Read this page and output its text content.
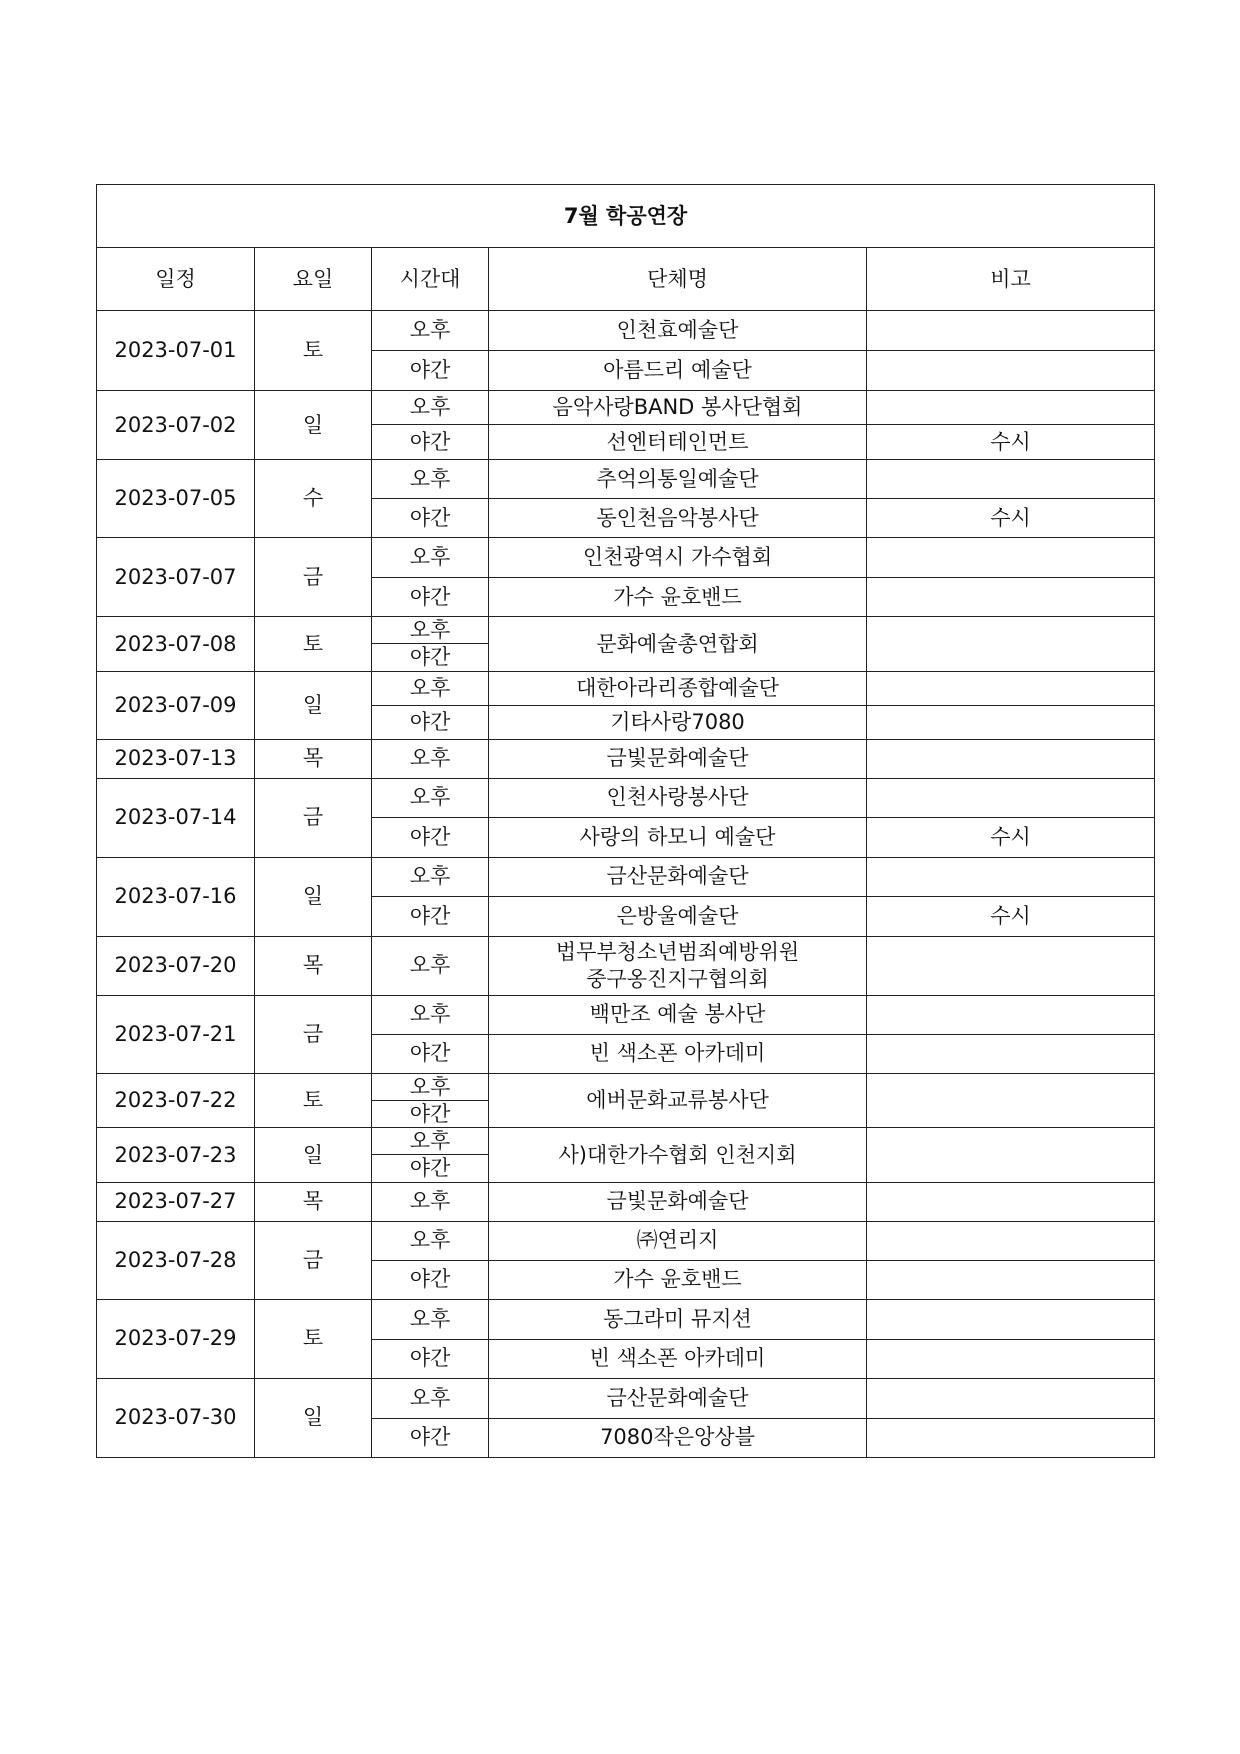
7월 학공연장				
일정	요일	시간대	단체명	비고
2023-07-01	토	오후	인천효예술단	
		야간	아름드리 예술단	
2023-07-02	일	오후	음악사랑BAND 봉사단협회	
		야간	선엔터테인먼트	수시
2023-07-05	수	오후	추억의통일예술단	
		야간	동인천음악봉사단	수시
2023-07-07	금	오후	인천광역시 가수협회	
		야간	가수 윤호밴드	
2023-07-08	토	오후	문화예술총연합회	
		야간		
2023-07-09	일	오후	대한아라리종합예술단	
		야간	기타사랑7080	
2023-07-13	목	오후	금빛문화예술단	
2023-07-14	금	오후	인천사랑봉사단	
		야간	사랑의 하모니 예술단	수시
2023-07-16	일	오후	금산문화예술단	
		야간	은방울예술단	수시
2023-07-20	목	오후	법무부청소년범죄예방위원
중구옹진지구협의회	

2023-07-21	금	오후	백만조 예술 봉사단	
		야간	빈 색소폰 아카데미	
2023-07-22	토	오후	에버문화교류봉사단	
		야간		
2023-07-23	일	오후	사)대한가수협회 인천지회	
		야간		
2023-07-27	목	오후	금빛문화예술단	
2023-07-28	금	오후	㈜연리지	
		야간	가수 윤호밴드	
2023-07-29	토	오후	동그라미 뮤지션	
		야간	빈 색소폰 아카데미	
2023-07-30	일	오후	금산문화예술단	
		야간	7080작은앙상블	
